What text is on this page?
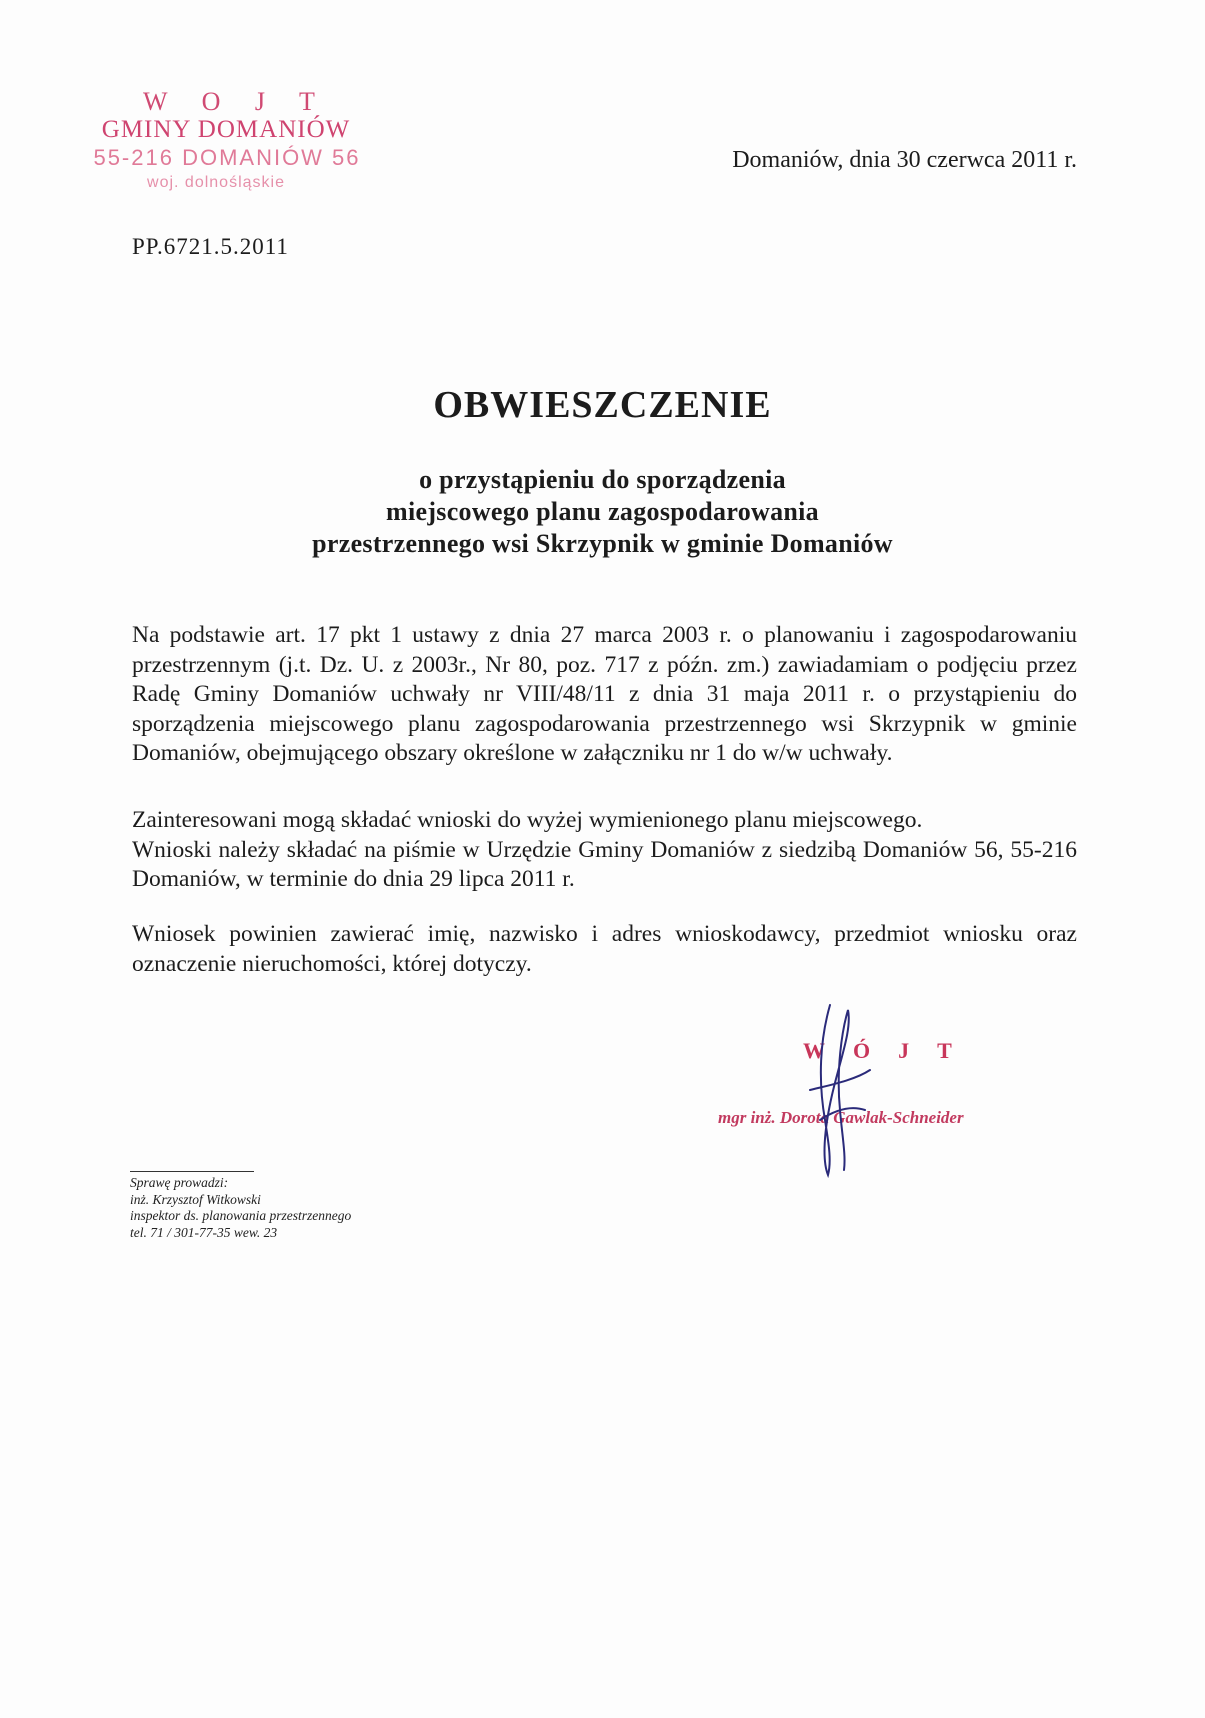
W O J T
GMINY DOMANIÓW
55-216 DOMANIÓW 56
woj. dolnośląskie
Domaniów, dnia 30 czerwca 2011 r.
PP.6721.5.2011
OBWIESZCZENIE
o przystąpieniu do sporządzenia
miejscowego planu zagospodarowania
przestrzennego wsi Skrzypnik w gminie Domaniów

Na podstawie art. 17 pkt 1 ustawy z dnia 27 marca 2003 r. o planowaniu i zagospodarowaniu przestrzennym (j.t. Dz. U. z 2003r., Nr 80, poz. 717 z późn. zm.) zawiadamiam o podjęciu przez Radę Gminy Domaniów uchwały nr VIII/48/11 z dnia 31 maja 2011 r. o przystąpieniu do sporządzenia miejscowego planu zagospodarowania przestrzennego wsi Skrzypnik w gminie Domaniów, obejmującego obszary określone w załączniku nr 1 do w/w uchwały.

Zainteresowani mogą składać wnioski do wyżej wymienionego planu miejscowego.

Wnioski należy składać na piśmie w Urzędzie Gminy Domaniów z siedzibą Domaniów 56, 55-216 Domaniów, w terminie do dnia 29 lipca 2011 r.

Wniosek powinien zawierać imię, nazwisko i adres wnioskodawcy, przedmiot wniosku oraz oznaczenie nieruchomości, której dotyczy.

WÓJT
mgr inż. Dorota Gawlak-Schneider
Sprawę prowadzi:
inż. Krzysztof Witkowski
inspektor ds. planowania przestrzennego
tel. 71 / 301-77-35 wew. 23
